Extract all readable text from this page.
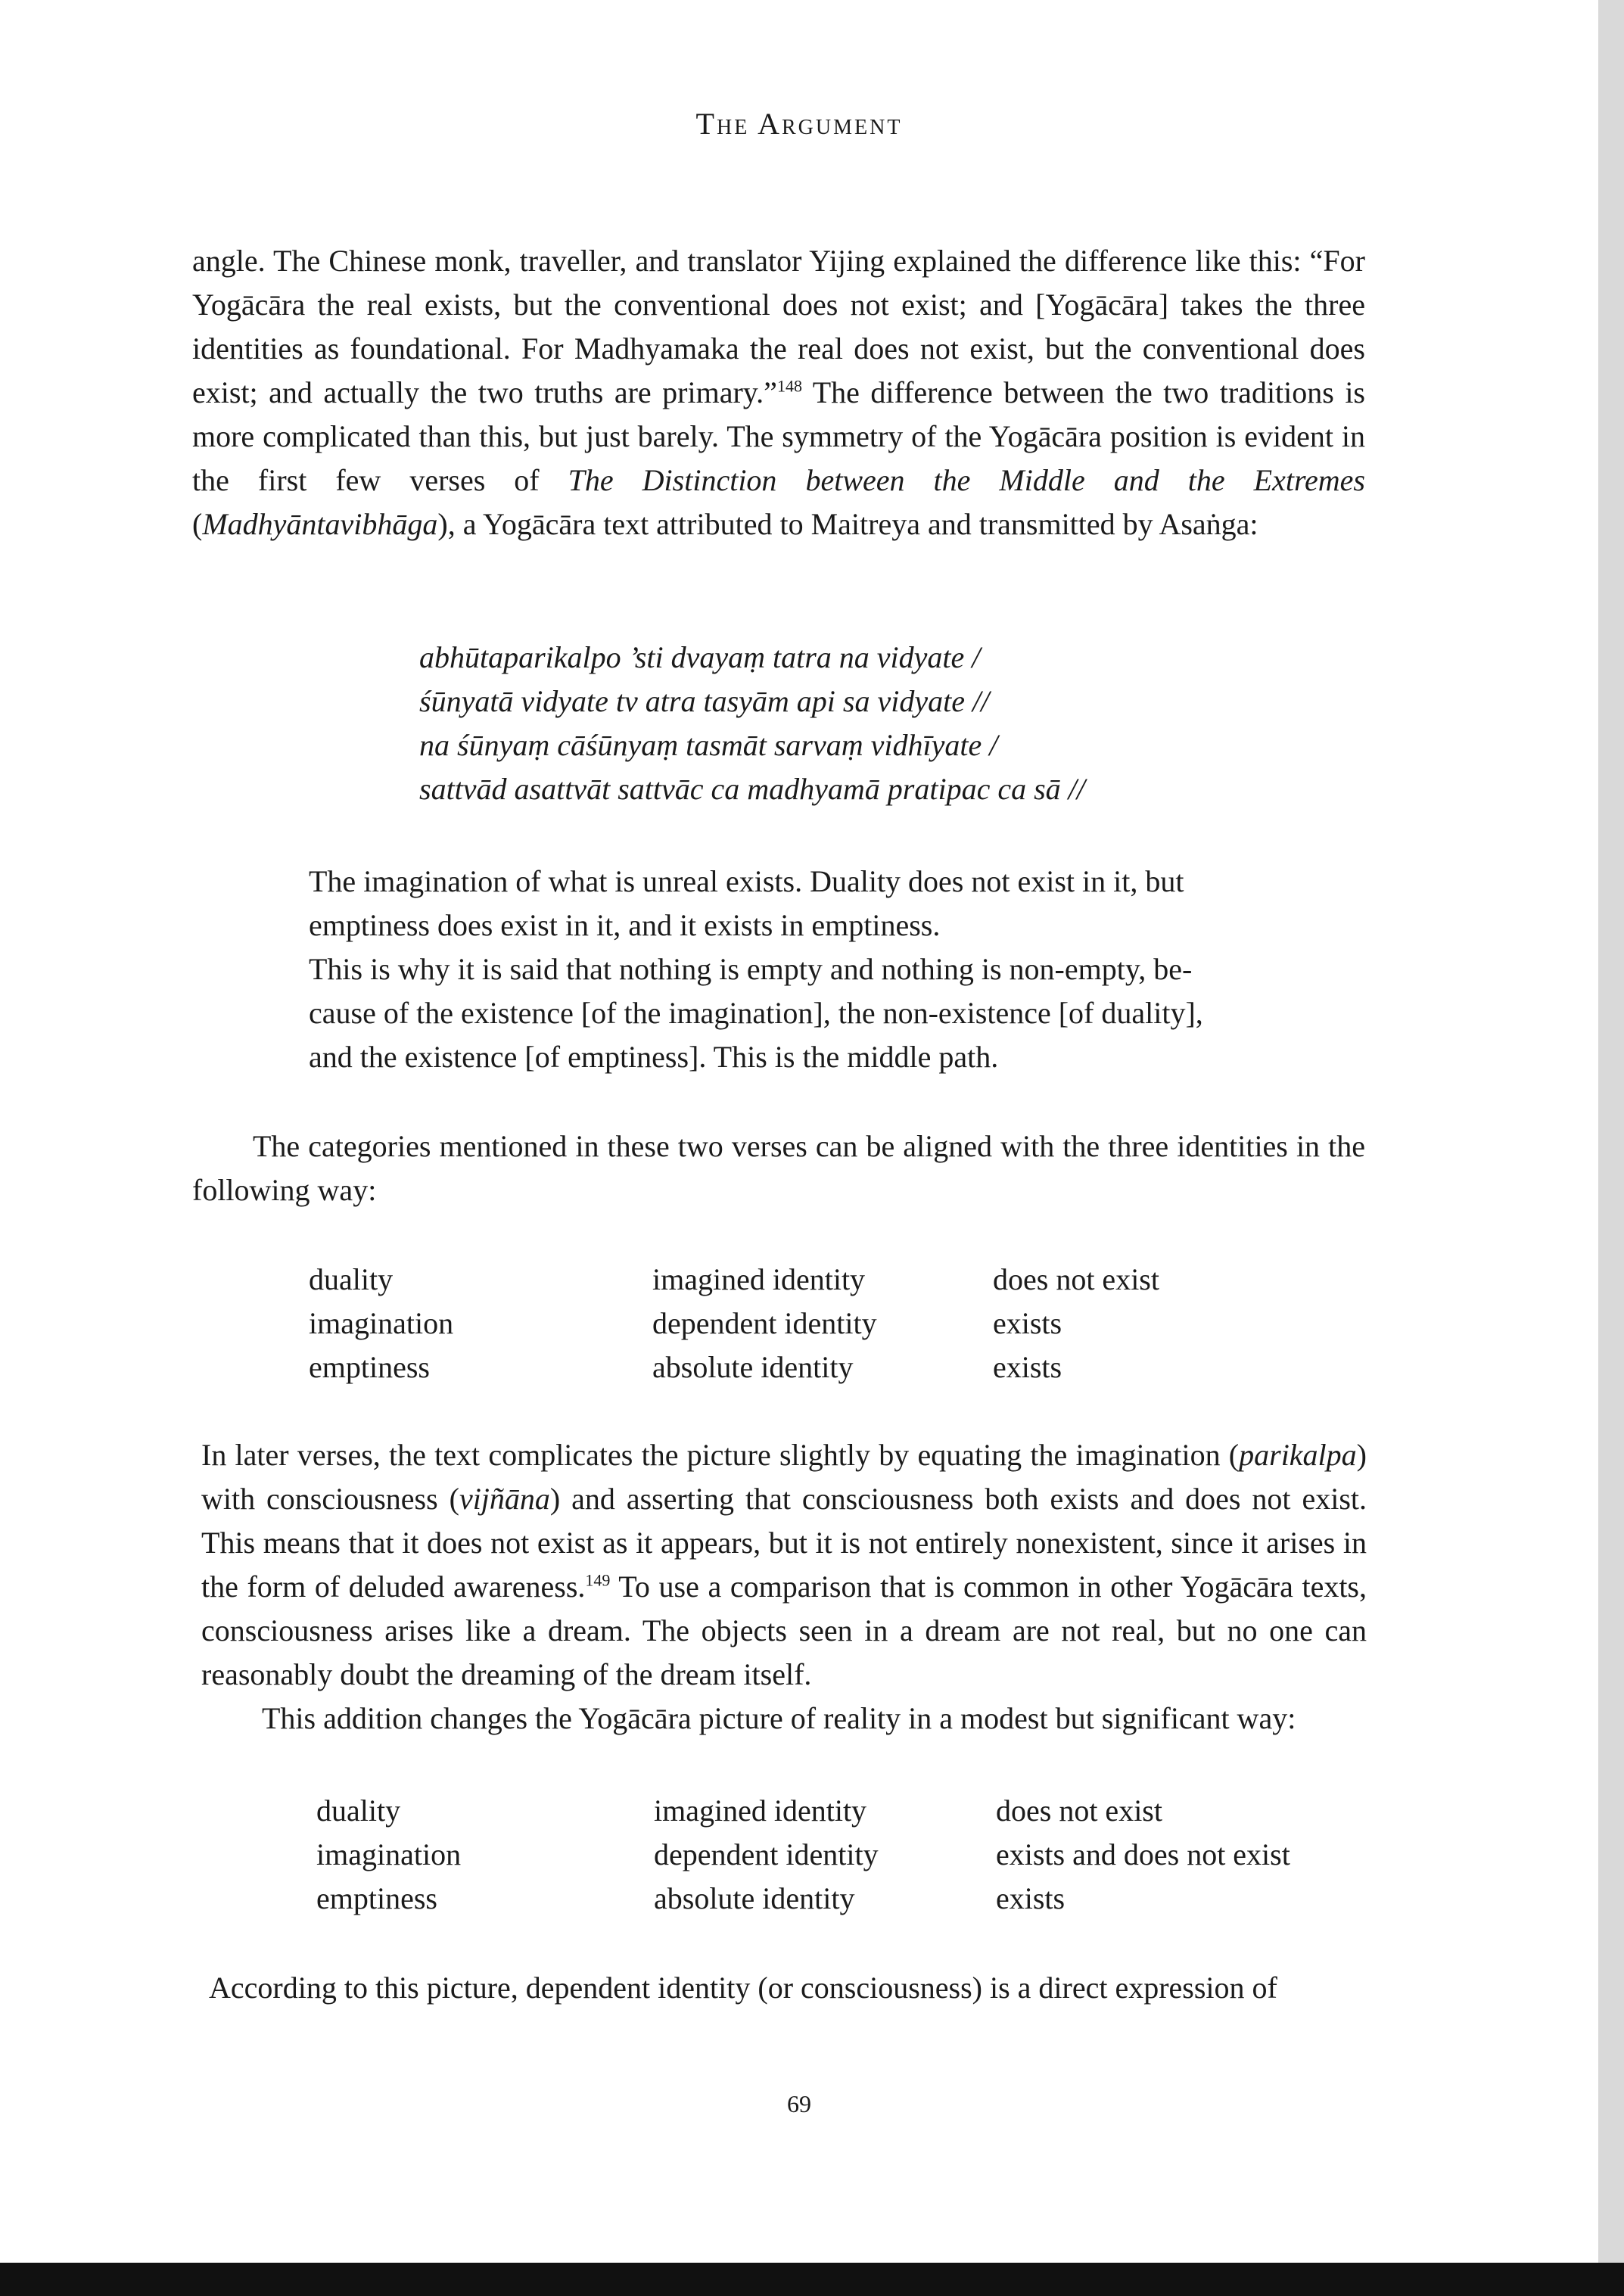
The Argument

angle. The Chinese monk, traveller, and translator Yijing explained the difference like this: “For Yogācāra the real exists, but the conventional does not exist; and [Yogācāra] takes the three identities as foundational. For Madhyamaka the real does not exist, but the conventional does exist; and actually the two truths are primary.”$^{148}$ The difference between the two traditions is more complicated than this, but just barely. The symmetry of the Yogācāra position is evident in the first few verses of The Distinction between the Middle and the Extremes (Madhyāntavibhāga), a Yogācāra text attributed to Maitreya and transmitted by Asaṅga:

abhūtaparikalpo ’sti dvayaṃ tatra na vidyate /
śūnyatā vidyate tv atra tasyām api sa vidyate //
na śūnyaṃ cāśūnyaṃ tasmāt sarvaṃ vidhīyate /
sattvād asattvāt sattvāc ca madhyamā pratipac ca sā //
The imagination of what is unreal exists. Duality does not exist in it, but
emptiness does exist in it, and it exists in emptiness.
This is why it is said that nothing is empty and nothing is non-empty, be-
cause of the existence [of the imagination], the non-existence [of duality],
and the existence [of emptiness]. This is the middle path.

The categories mentioned in these two verses can be aligned with the three identities in the following way:

duality	imagined identity	does not exist
imagination	dependent identity	exists
emptiness	absolute identity	exists

In later verses, the text complicates the picture slightly by equating the imagination (parikalpa) with consciousness (vijñāna) and asserting that consciousness both exists and does not exist. This means that it does not exist as it appears, but it is not entirely nonexistent, since it arises in the form of deluded awareness.$^{149}$ To use a comparison that is common in other Yogācāra texts, consciousness arises like a dream. The objects seen in a dream are not real, but no one can reasonably doubt the dreaming of the dream itself.

This addition changes the Yogācāra picture of reality in a modest but significant way:

duality	imagined identity	does not exist
imagination	dependent identity	exists and does not exist
emptiness	absolute identity	exists

According to this picture, dependent identity (or consciousness) is a direct expression of

69
